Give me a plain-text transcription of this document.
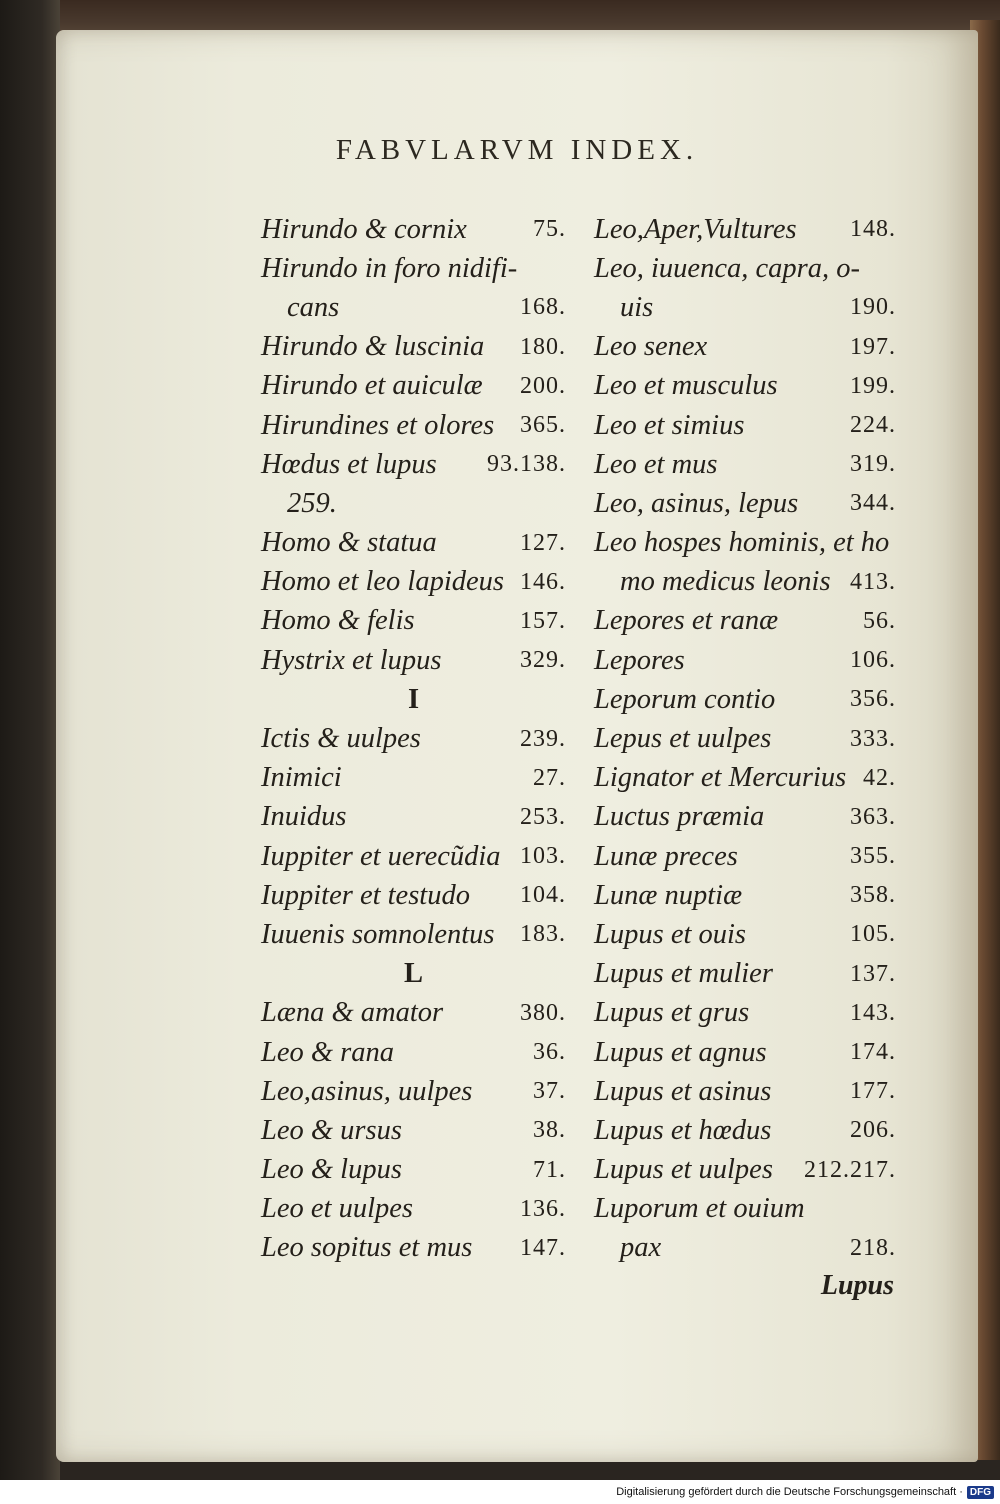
FABVLARVM INDEX.
Hirundo & cornix	75.
Hirundo in foro nidifi-
cans	168.
Hirundo & luscinia 180.
Hirundo et auiculæ 200.
Hirundines et olores 365.
Hœdus et lupus 93.138.
259.
Homo & statua	127.
Homo et leo lapideus 146.
Homo & felis	157.
Hystrix et lupus	329.
I
Ictis & uulpes	239.
Inimici	27.
Inuidus	253.
Iuppiter et uerecũdia 103.
Iuppiter et testudo 104.
Iuuenis somnolentus 183.
L
Læna & amator	380.
Leo & rana	36.
Leo,asinus, uulpes	37.
Leo & ursus	38.
Leo & lupus	71.
Leo et uulpes	136.
Leo sopitus et mus 147.
Leo,Aper,Vultures 148.
Leo, iuuenca, capra, o-
uis	190.
Leo senex	197.
Leo et musculus	199.
Leo et simius	224.
Leo et mus	319.
Leo, asinus, lepus 344.
Leo hospes hominis, et ho
mo medicus leonis 413.
Lepores et ranæ	56.
Lepores	106.
Leporum contio	356.
Lepus et uulpes	333.
Lignator et Mercurius 42.
Luctus præmia	363.
Lunæ preces	355.
Lunæ nuptiæ	358.
Lupus et ouis	105.
Lupus et mulier	137.
Lupus et grus	143.
Lupus et agnus	174.
Lupus et asinus	177.
Lupus et hœdus	206.
Lupus et uulpes 212.217.
Luporum et ouium
pax	218.
Lupus
Digitalisierung gefördert durch die Deutsche Forschungsgemeinschaft · DFG
